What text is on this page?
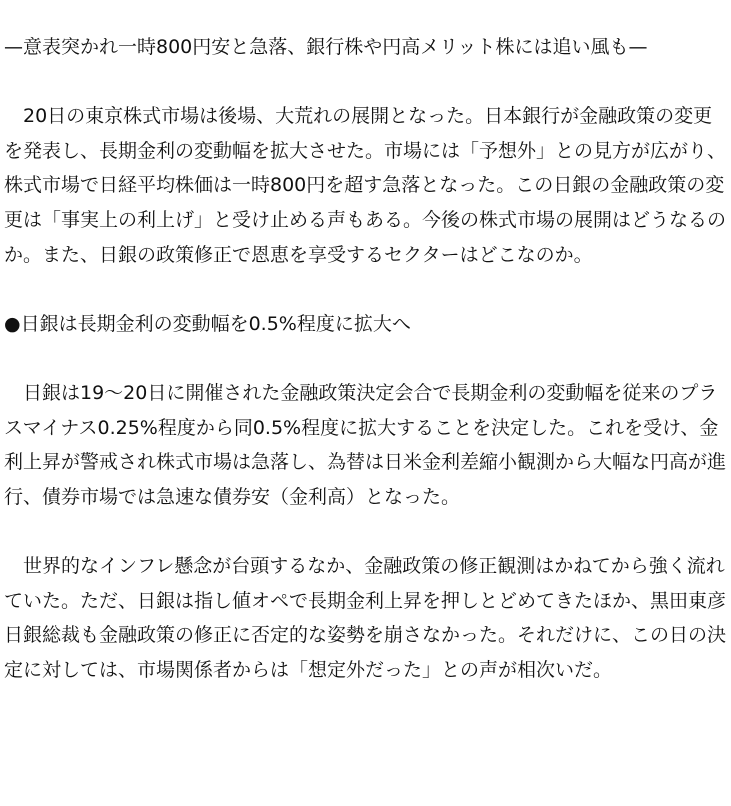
—意表突かれ一時800円安と急落、銀行株や円高メリット株には追い風も—

20日の東京株式市場は後場、大荒れの展開となった。日本銀行が金融政策の変更を発表し、長期金利の変動幅を拡大させた。市場には「予想外」との見方が広がり、株式市場で日経平均株価は一時800円を超す急落となった。この日銀の金融政策の変更は「事実上の利上げ」と受け止める声もある。今後の株式市場の展開はどうなるのか。また、日銀の政策修正で恩恵を享受するセクターはどこなのか。

●日銀は長期金利の変動幅を0.5%程度に拡大へ

日銀は19〜20日に開催された金融政策決定会合で長期金利の変動幅を従来のプラスマイナス0.25%程度から同0.5%程度に拡大することを決定した。これを受け、金利上昇が警戒され株式市場は急落し、為替は日米金利差縮小観測から大幅な円高が進行、債券市場では急速な債券安（金利高）となった。

世界的なインフレ懸念が台頭するなか、金融政策の修正観測はかねてから強く流れていた。ただ、日銀は指し値オペで長期金利上昇を押しとどめてきたほか、黒田東彦日銀総裁も金融政策の修正に否定的な姿勢を崩さなかった。それだけに、この日の決定に対しては、市場関係者からは「想定外だった」との声が相次いだ。
